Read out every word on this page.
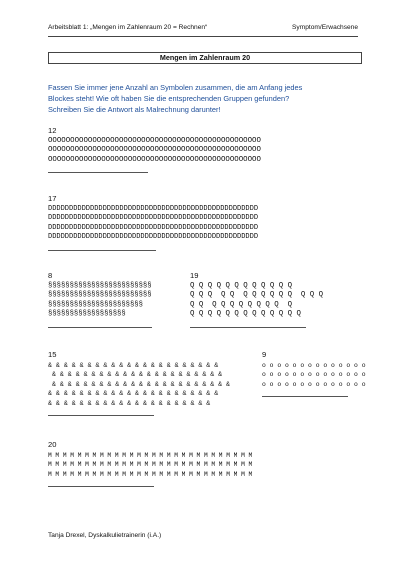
Arbeitsblatt 1: „Mengen im Zahlenraum 20 = Rechnen“	Symptom/Erwachsene
Mengen im Zahlenraum 20
Fassen Sie immer jene Anzahl an Symbolen zusammen, die am Anfang jedes
Blockes steht! Wie oft haben Sie die entsprechenden Gruppen gefunden?
Schreiben Sie die Antwort als Malrechnung darunter!
12
OOOOOOOOOOOOOOOOOOOOOOOOOOOOOOOOOOOOOOOOOOOOOOOO
OOOOOOOOOOOOOOOOOOOOOOOOOOOOOOOOOOOOOOOOOOOOOOOO
OOOOOOOOOOOOOOOOOOOOOOOOOOOOOOOOOOOOOOOOOOOOOOOO
17
DDDDDDDDDDDDDDDDDDDDDDDDDDDDDDDDDDDDDDDDDDDDDDDDDD
DDDDDDDDDDDDDDDDDDDDDDDDDDDDDDDDDDDDDDDDDDDDDDDDDD
DDDDDDDDDDDDDDDDDDDDDDDDDDDDDDDDDDDDDDDDDDDDDDDDDD
DDDDDDDDDDDDDDDDDDDDDDDDDDDDDDDDDDDDDDDDDDDDDDDDDD
8
§§§§§§§§§§§§§§§§§§§§§§§§
§§§§§§§§§§§§§§§§§§§§§§§§
§§§§§§§§§§§§§§§§§§§§§§
§§§§§§§§§§§§§§§§§§
19
Q Q Q Q Q Q Q Q Q Q Q Q
Q Q Q  Q Q  Q Q Q Q Q Q  Q Q Q
Q Q  Q Q Q Q Q Q Q Q  Q
Q Q Q Q Q Q Q Q Q Q Q Q Q
15
& & & & & & & & & & & & & & & & & & & & & &
& & & & & & & & & & & & & & & & & & & & & &
& & & & & & & & & & & & & & & & & & & & & & &
& & & & & & & & & & & & & & & & & & & & & &
& & & & & & & & & & & & & & & & & & & & &
9
o o o o o o o o o o o o o o
o o o o o o o o o o o o o o
o o o o o o o o o o o o o o
20
M M M M M M M M M M M M M M M M M M M M M M M M M M M M
M M M M M M M M M M M M M M M M M M M M M M M M M M M M
M M M M M M M M M M M M M M M M M M M M M M M M M M M M
Tanja Drexel, Dyskalkulietrainerin (i.A.)
